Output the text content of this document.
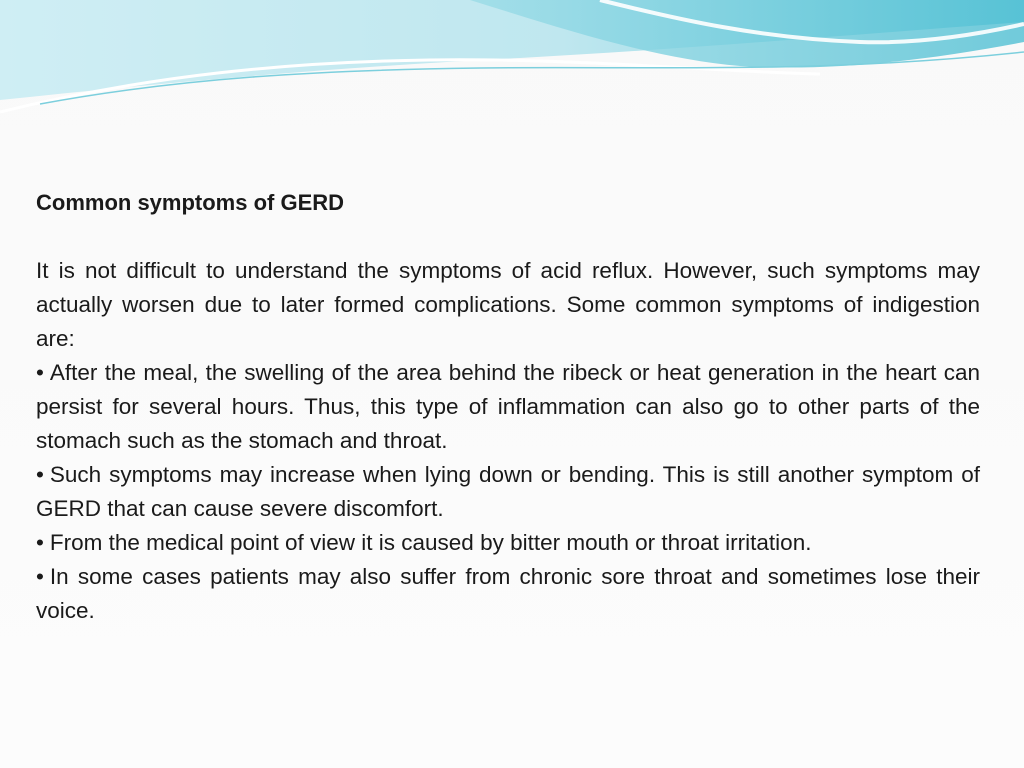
Common symptoms of GERD

It is not difficult to understand the symptoms of acid reflux. However, such symptoms may actually worsen due to later formed complications. Some common symptoms of indigestion are:

• After the meal, the swelling of the area behind the ribeck or heat generation in the heart can persist for several hours. Thus, this type of inflammation can also go to other parts of the stomach such as the stomach and throat.
• Such symptoms may increase when lying down or bending. This is still another symptom of GERD that can cause severe discomfort.
• From the medical point of view it is caused by bitter mouth or throat irritation.
• In some cases patients may also suffer from chronic sore throat and sometimes lose their voice.
